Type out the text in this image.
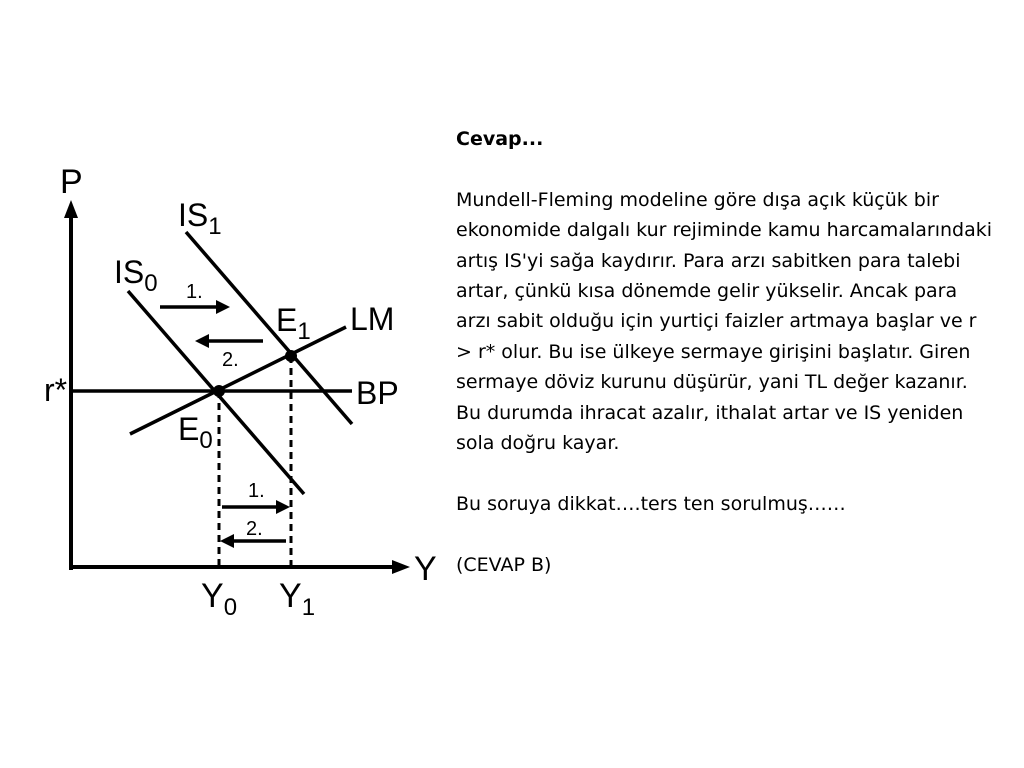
P
Y
r*	BP
LM
$IS_0$
$IS_1$
1.
2.
$E_1$
$E_0$
1.
2.
$Y_0$ $Y_1$

Cevap...

Mundell-Fleming modeline göre dışa açık küçük bir ekonomide dalgalı kur rejiminde kamu harcamalarındaki artış IS'yi sağa kaydırır. Para arzı sabitken para talebi artar, çünkü kısa dönemde gelir yükselir. Ancak para arzı sabit olduğu için yurtiçi faizler artmaya başlar ve r > r* olur. Bu ise ülkeye sermaye girişini başlatır. Giren sermaye döviz kurunu düşürür, yani TL değer kazanır. Bu durumda ihracat azalır, ithalat artar ve IS yeniden sola doğru kayar.

Bu soruya dikkat….ters ten sorulmuş……

(CEVAP B)
